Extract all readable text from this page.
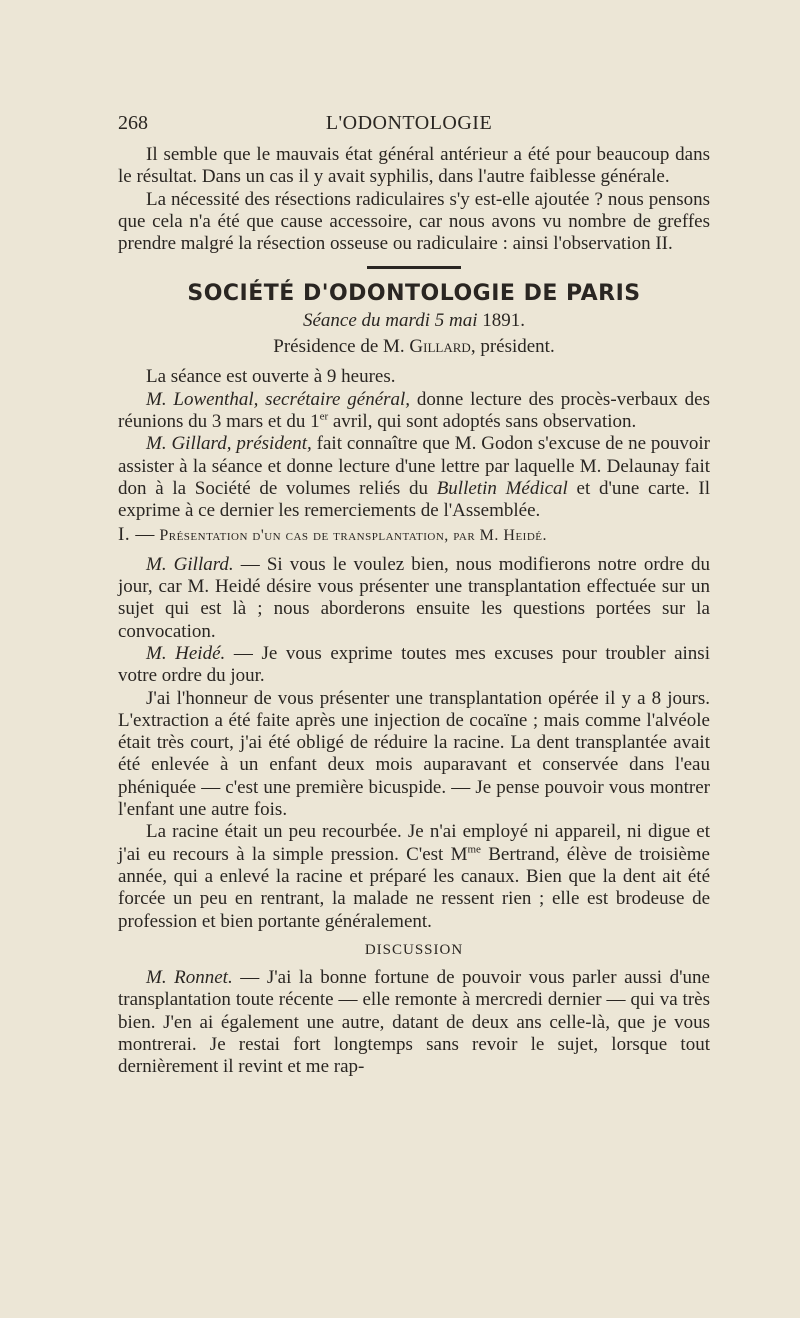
268	L'ODONTOLOGIE

Il semble que le mauvais état général antérieur a été pour beaucoup dans le résultat. Dans un cas il y avait syphilis, dans l'autre faiblesse générale.

La nécessité des résections radiculaires s'y est-elle ajoutée ? nous pensons que cela n'a été que cause accessoire, car nous avons vu nombre de greffes prendre malgré la résection osseuse ou radiculaire : ainsi l'observation II.

SOCIÉTÉ D'ODONTOLOGIE DE PARIS
Séance du mardi 5 mai 1891.
Présidence de M. Gillard, président.

La séance est ouverte à 9 heures.

M. Lowenthal, secrétaire général, donne lecture des procès-verbaux des réunions du 3 mars et du 1er avril, qui sont adoptés sans observation.

M. Gillard, président, fait connaître que M. Godon s'excuse de ne pouvoir assister à la séance et donne lecture d'une lettre par laquelle M. Delaunay fait don à la Société de volumes reliés du Bulletin Médical et d'une carte. Il exprime à ce dernier les remerciements de l'Assemblée.

I. — Présentation d'un cas de transplantation, par M. Heidé.

M. Gillard. — Si vous le voulez bien, nous modifierons notre ordre du jour, car M. Heidé désire vous présenter une transplantation effectuée sur un sujet qui est là ; nous aborderons ensuite les questions portées sur la convocation.

M. Heidé. — Je vous exprime toutes mes excuses pour troubler ainsi votre ordre du jour.

J'ai l'honneur de vous présenter une transplantation opérée il y a 8 jours. L'extraction a été faite après une injection de cocaïne ; mais comme l'alvéole était très court, j'ai été obligé de réduire la racine. La dent transplantée avait été enlevée à un enfant deux mois auparavant et conservée dans l'eau phéniquée — c'est une première bicuspide. — Je pense pouvoir vous montrer l'enfant une autre fois.

La racine était un peu recourbée. Je n'ai employé ni appareil, ni digue et j'ai eu recours à la simple pression. C'est $M^{me}$ Bertrand, élève de troisième année, qui a enlevé la racine et préparé les canaux. Bien que la dent ait été forcée un peu en rentrant, la malade ne ressent rien ; elle est brodeuse de profession et bien portante généralement.

DISCUSSION

M. Ronnet. — J'ai la bonne fortune de pouvoir vous parler aussi d'une transplantation toute récente — elle remonte à mercredi dernier — qui va très bien. J'en ai également une autre, datant de deux ans celle-là, que je vous montrerai. Je restai fort longtemps sans revoir le sujet, lorsque tout dernièrement il revint et me rap-
